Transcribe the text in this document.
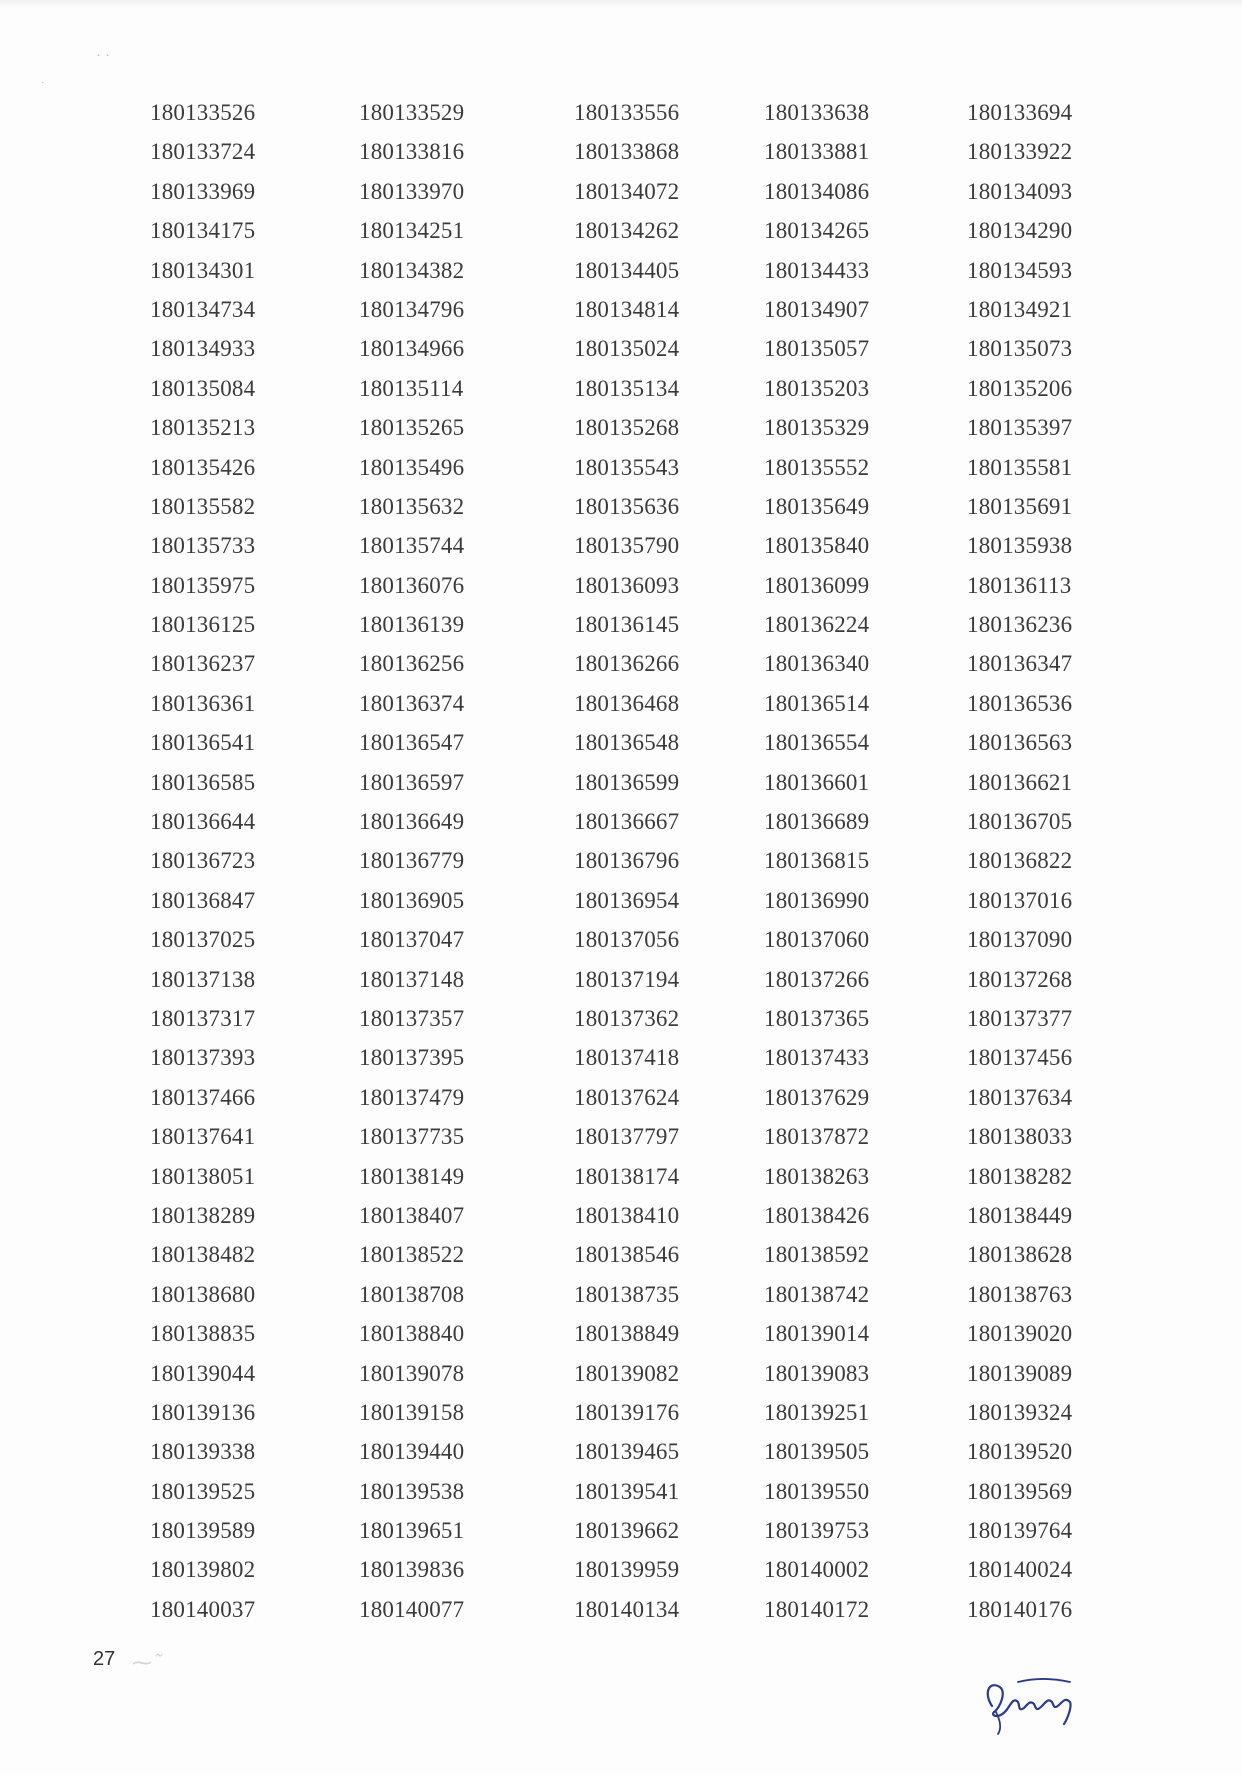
˛ ˛
˙
180133526	180133529	180133556	180133638	180133694
180133724	180133816	180133868	180133881	180133922
180133969	180133970	180134072	180134086	180134093
180134175	180134251	180134262	180134265	180134290
180134301	180134382	180134405	180134433	180134593
180134734	180134796	180134814	180134907	180134921
180134933	180134966	180135024	180135057	180135073
180135084	180135114	180135134	180135203	180135206
180135213	180135265	180135268	180135329	180135397
180135426	180135496	180135543	180135552	180135581
180135582	180135632	180135636	180135649	180135691
180135733	180135744	180135790	180135840	180135938
180135975	180136076	180136093	180136099	180136113
180136125	180136139	180136145	180136224	180136236
180136237	180136256	180136266	180136340	180136347
180136361	180136374	180136468	180136514	180136536
180136541	180136547	180136548	180136554	180136563
180136585	180136597	180136599	180136601	180136621
180136644	180136649	180136667	180136689	180136705
180136723	180136779	180136796	180136815	180136822
180136847	180136905	180136954	180136990	180137016
180137025	180137047	180137056	180137060	180137090
180137138	180137148	180137194	180137266	180137268
180137317	180137357	180137362	180137365	180137377
180137393	180137395	180137418	180137433	180137456
180137466	180137479	180137624	180137629	180137634
180137641	180137735	180137797	180137872	180138033
180138051	180138149	180138174	180138263	180138282
180138289	180138407	180138410	180138426	180138449
180138482	180138522	180138546	180138592	180138628
180138680	180138708	180138735	180138742	180138763
180138835	180138840	180138849	180139014	180139020
180139044	180139078	180139082	180139083	180139089
180139136	180139158	180139176	180139251	180139324
180139338	180139440	180139465	180139505	180139520
180139525	180139538	180139541	180139550	180139569
180139589	180139651	180139662	180139753	180139764
180139802	180139836	180139959	180140002	180140024
180140037	180140077	180140134	180140172	180140176
27 ⁓˜
